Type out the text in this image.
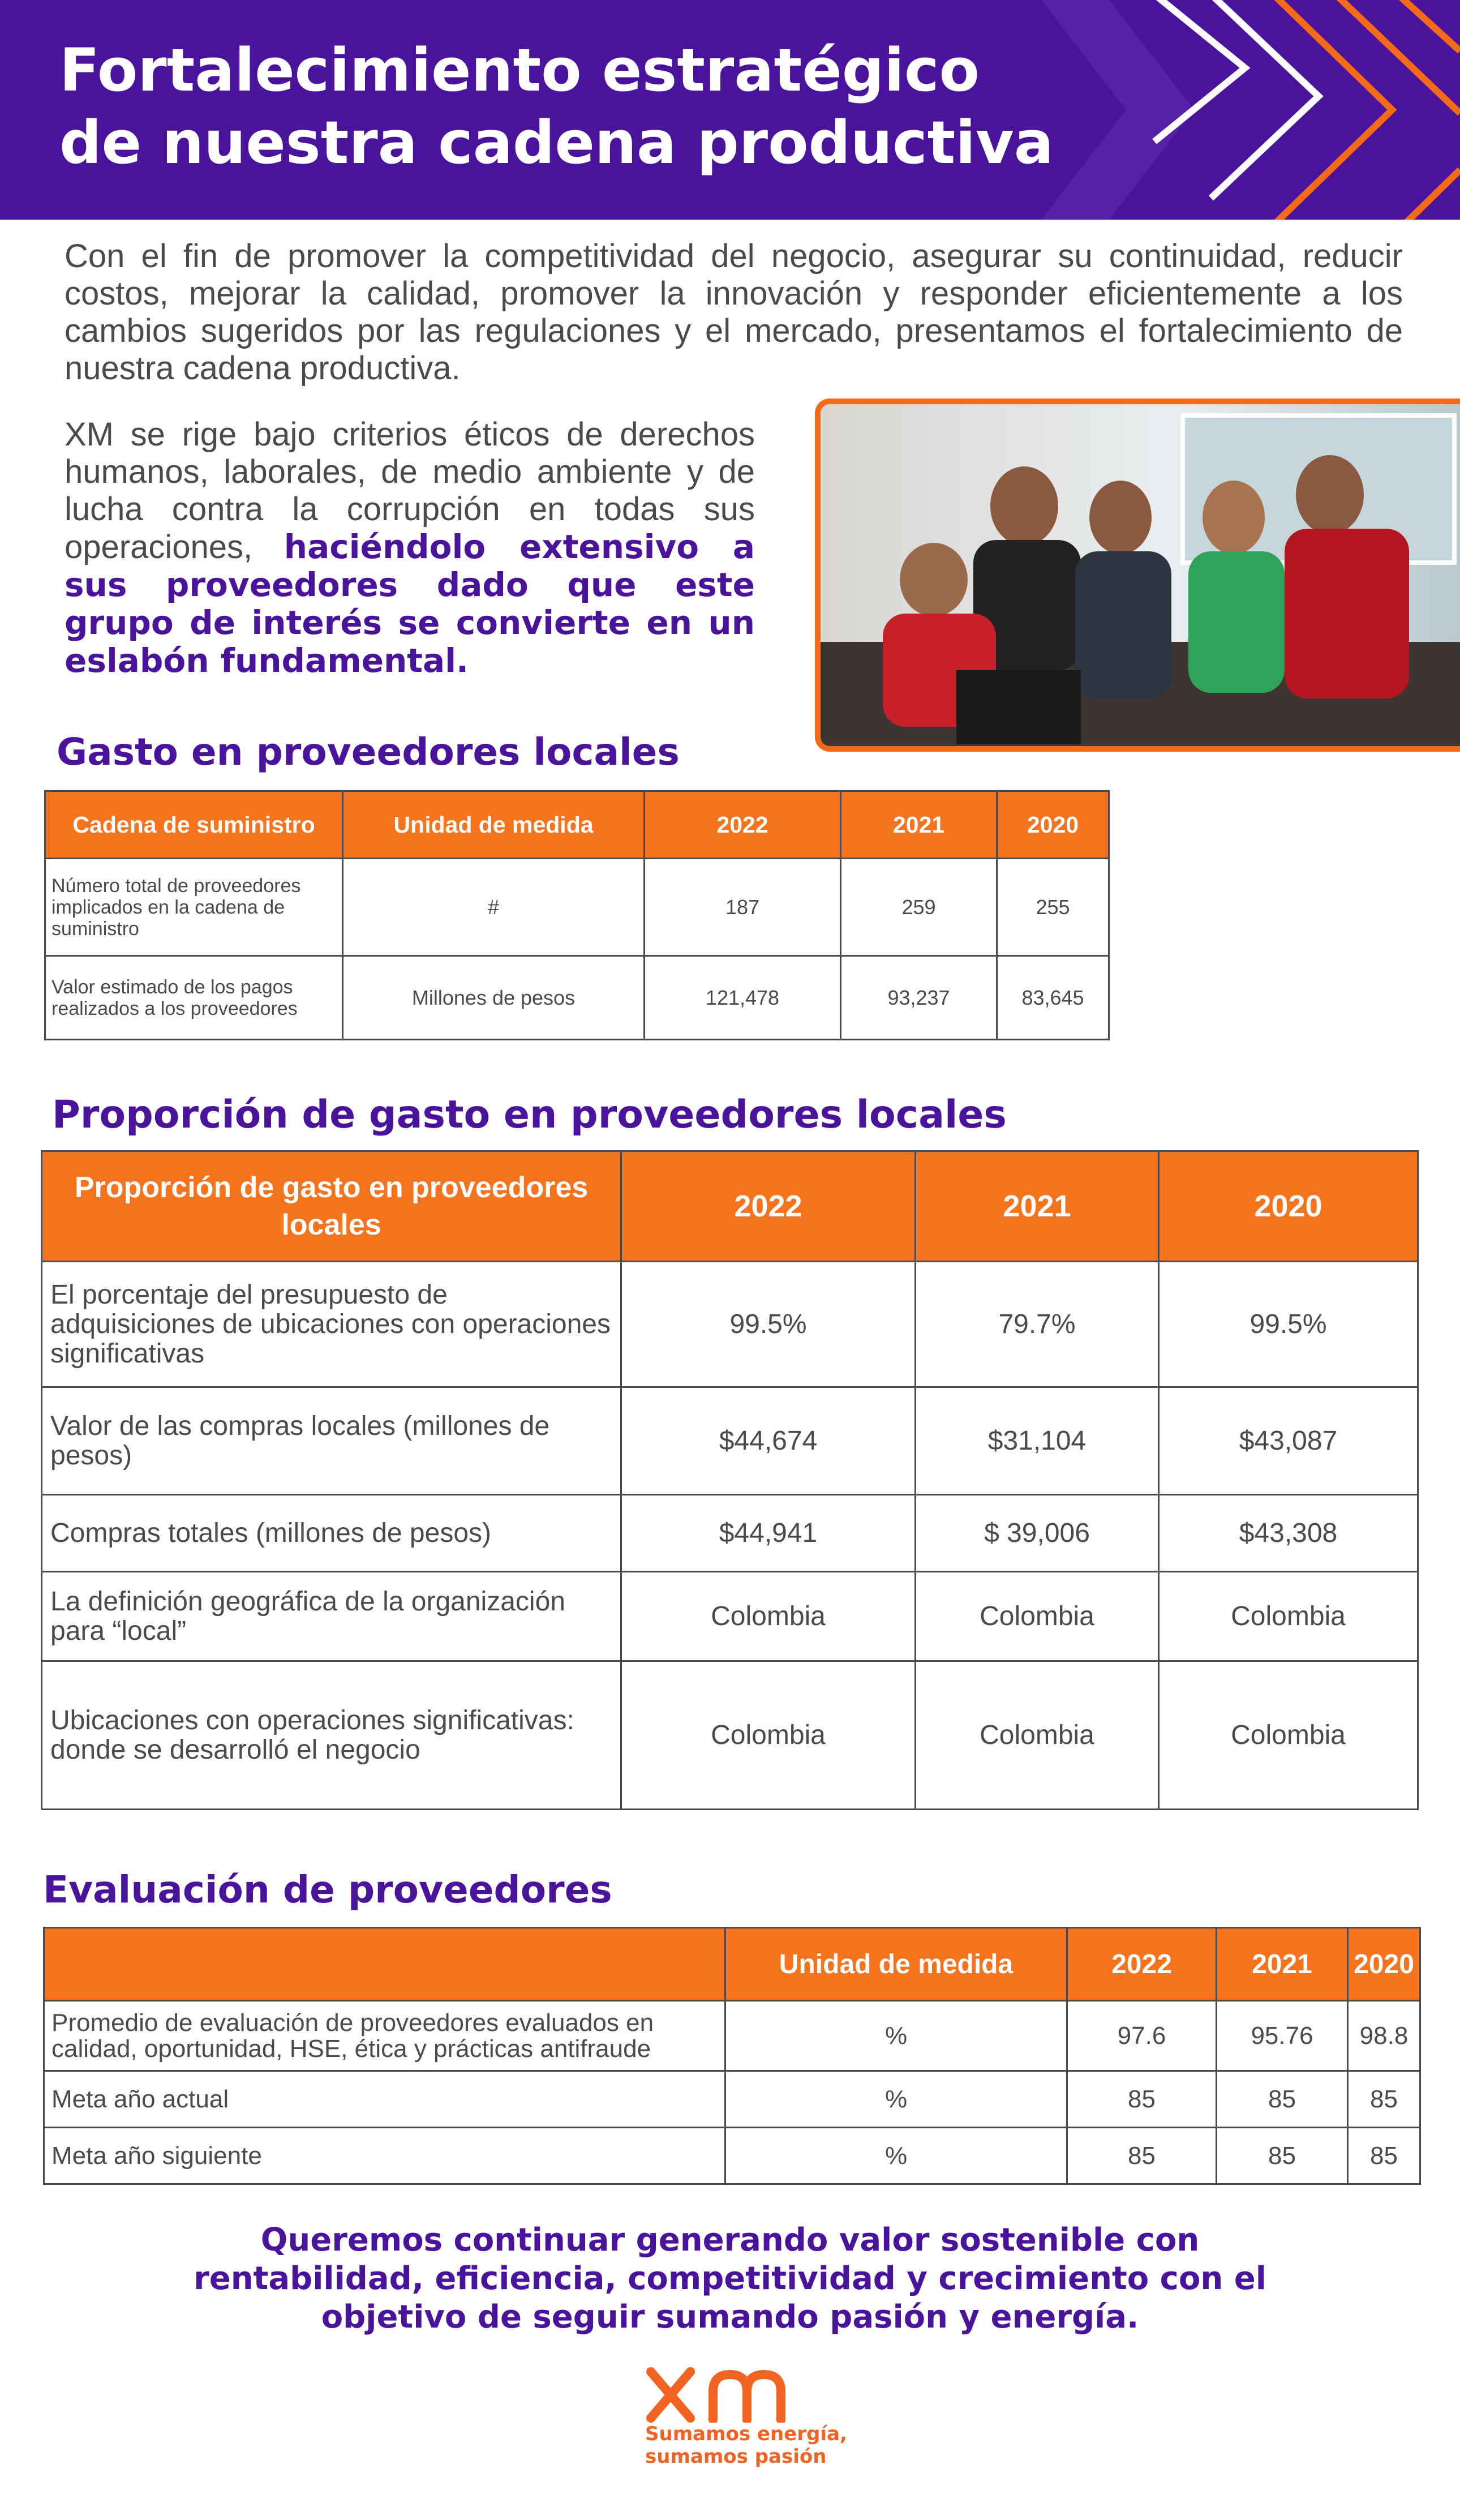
Fortalecimiento estratégico
de nuestra cadena productiva
Con el fin de promover la competitividad del negocio, asegurar su continuidad, reducir costos, mejorar la calidad, promover la innovación y responder eficientemente a los cambios sugeridos por las regulaciones y el mercado, presentamos el fortalecimiento de nuestra cadena productiva.
XM se rige bajo criterios éticos de derechos humanos, laborales, de medio ambiente y de lucha contra la corrupción en todas sus operaciones, haciéndolo extensivo a sus proveedores dado que este grupo de interés se convierte en un eslabón fundamental.
Gasto en proveedores locales
Cadena de suministro	Unidad de medida	2022	2021	2020
Número total de proveedores implicados en la cadena de suministro	#	187	259	255
Valor estimado de los pagos realizados a los proveedores	Millones de pesos	121,478	93,237	83,645
Proporción de gasto en proveedores locales
Proporción de gasto en proveedores locales	2022	2021	2020
El porcentaje del presupuesto de adquisiciones de ubicaciones con operaciones significativas	99.5%	79.7%	99.5%
Valor de las compras locales (millones de pesos)	$44,674	$31,104	$43,087
Compras totales (millones de pesos)	$44,941	$ 39,006	$43,308
La definición geográfica de la organización para “local”	Colombia	Colombia	Colombia
Ubicaciones con operaciones significativas: donde se desarrolló el negocio	Colombia	Colombia	Colombia
Evaluación de proveedores
	Unidad de medida	2022	2021	2020
Promedio de evaluación de proveedores evaluados en calidad, oportunidad, HSE, ética y prácticas antifraude	%	97.6	95.76	98.8
Meta año actual	%	85	85	85
Meta año siguiente	%	85	85	85
Queremos continuar generando valor sostenible con
rentabilidad, eficiencia, competitividad y crecimiento con el
objetivo de seguir sumando pasión y energía.
Sumamos energía,
sumamos pasión
